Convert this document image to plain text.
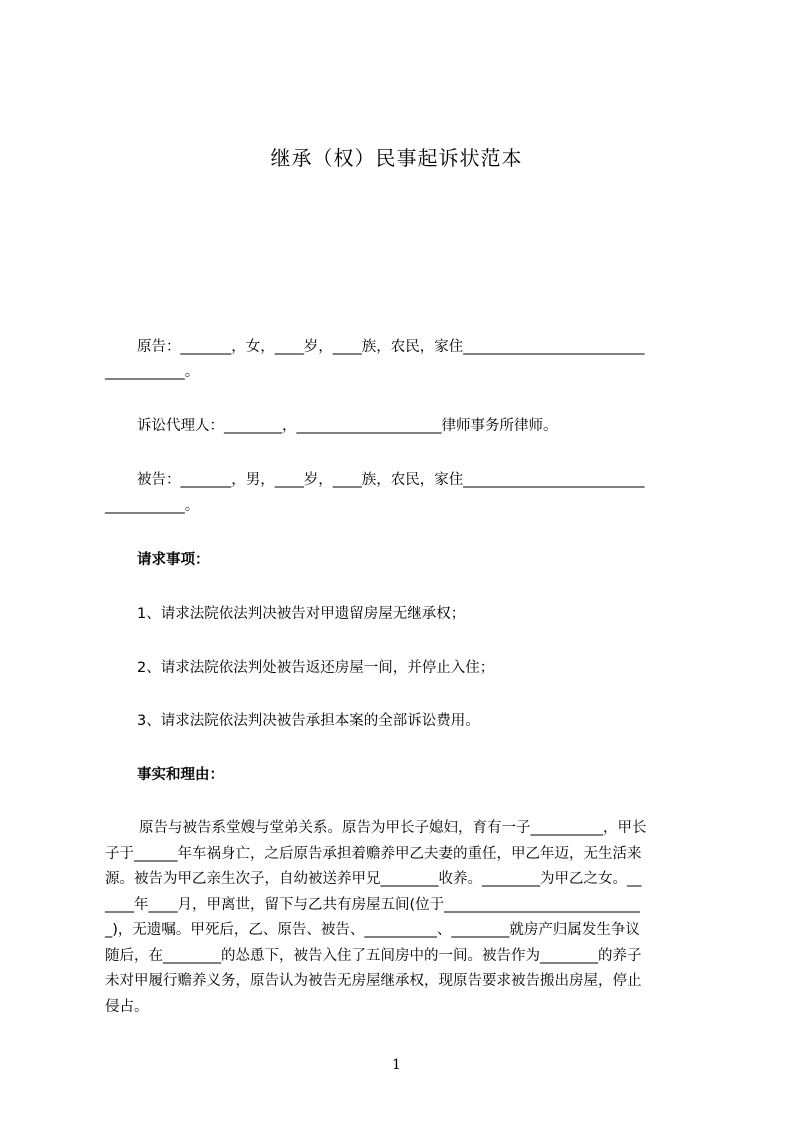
继承（权）民事起诉状范本
原告：_______，女，____岁，____族，农民，家住_________________________
___________。
诉讼代理人：________，____________________律师事务所律师。
被告：_______，男，____岁，____族，农民，家住_________________________
___________。
请求事项：
1、请求法院依法判决被告对甲遗留房屋无继承权；
2、请求法院依法判处被告返还房屋一间，并停止入住；
3、请求法院依法判决被告承担本案的全部诉讼费用。
事实和理由：
原告与被告系堂嫂与堂弟关系。原告为甲长子媳妇，育有一子__________，甲长
子于______年车祸身亡，之后原告承担着赡养甲乙夫妻的重任，甲乙年迈，无生活来
源。被告为甲乙亲生次子，自幼被送养甲兄________收养。________为甲乙之女。__
____年____月，甲离世，留下与乙共有房屋五间(位于___________________________
_)，无遗嘱。甲死后，乙、原告、被告、__________、________就房产归属发生争议
随后，在________的怂恿下，被告入住了五间房中的一间。被告作为________的养子
未对甲履行赡养义务，原告认为被告无房屋继承权，现原告要求被告搬出房屋，停止
侵占。
1
